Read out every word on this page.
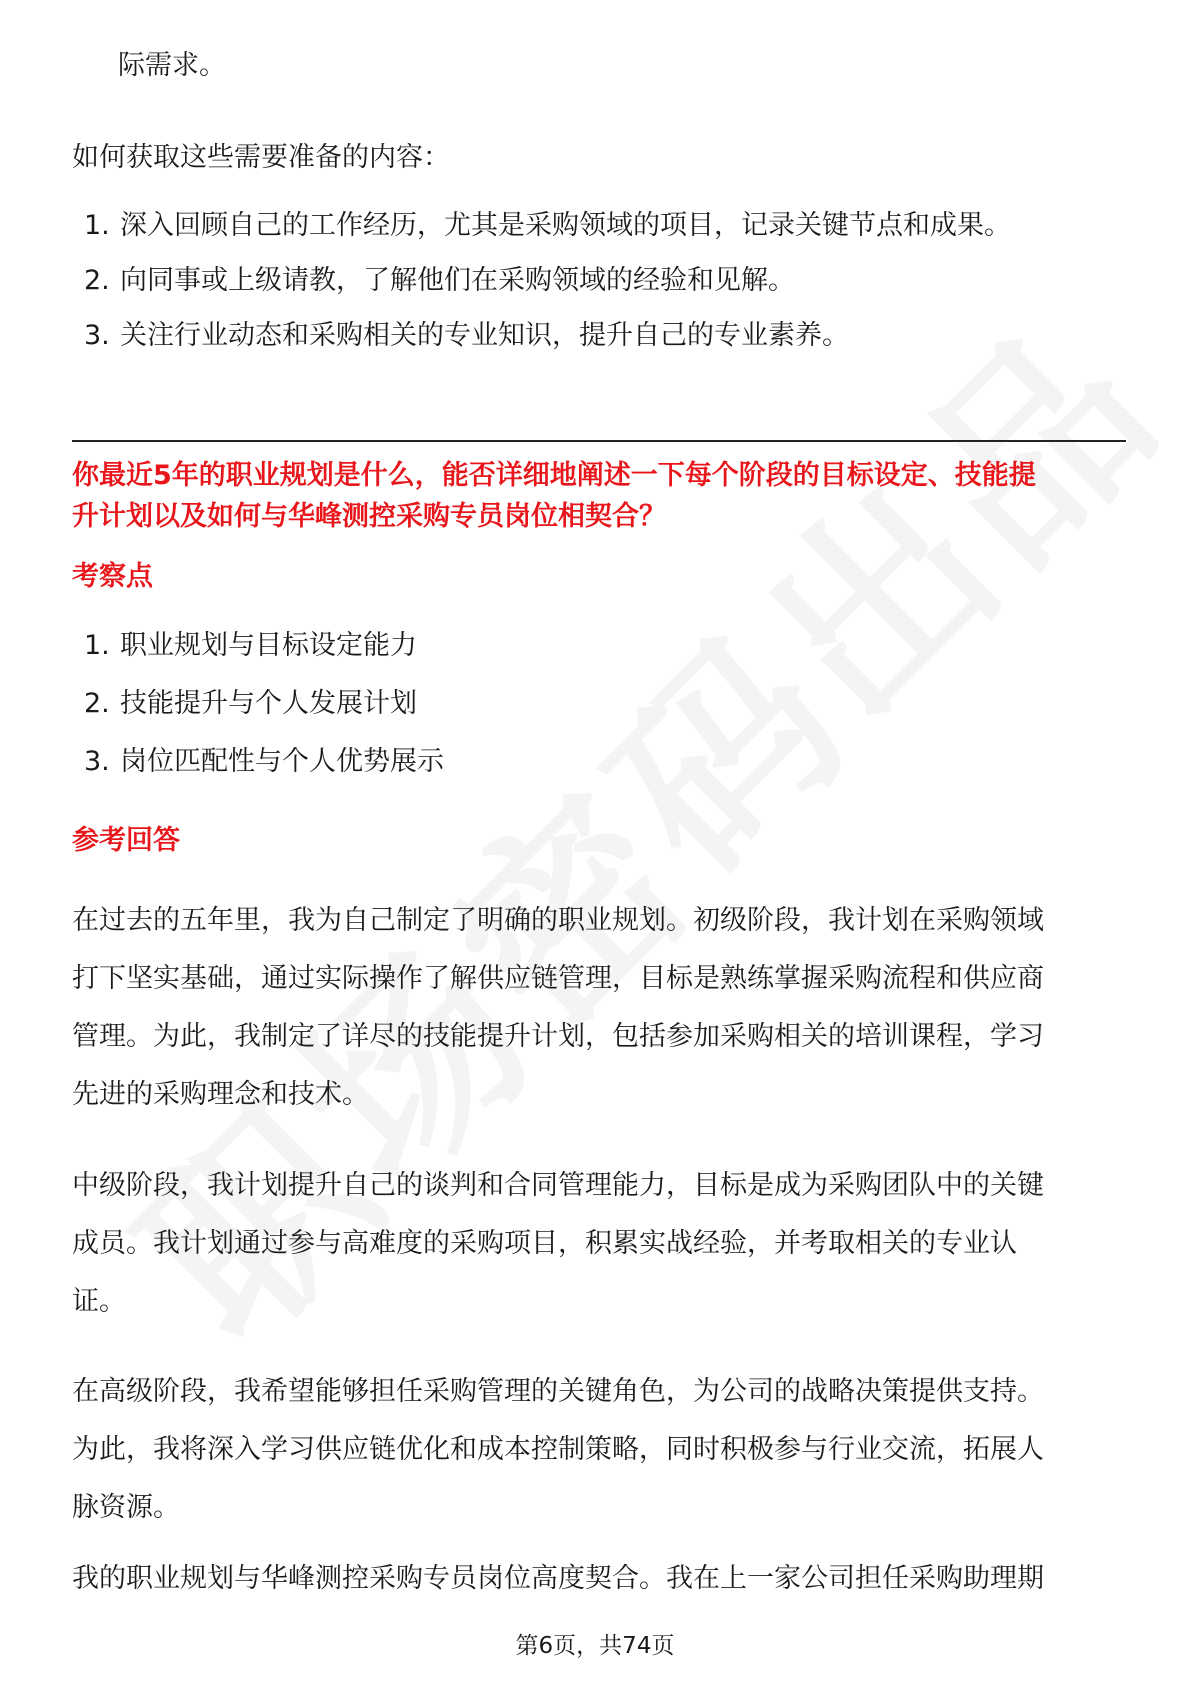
际需求。
如何获取这些需要准备的内容：
1. 深入回顾自己的工作经历，尤其是采购领域的项目，记录关键节点和成果。
2. 向同事或上级请教，了解他们在采购领域的经验和见解。
3. 关注行业动态和采购相关的专业知识，提升自己的专业素养。
你最近5年的职业规划是什么，能否详细地阐述一下每个阶段的目标设定、技能提
升计划以及如何与华峰测控采购专员岗位相契合？
考察点
1. 职业规划与目标设定能力
2. 技能提升与个人发展计划
3. 岗位匹配性与个人优势展示
参考回答
在过去的五年里，我为自己制定了明确的职业规划。初级阶段，我计划在采购领域
打下坚实基础，通过实际操作了解供应链管理，目标是熟练掌握采购流程和供应商
管理。为此，我制定了详尽的技能提升计划，包括参加采购相关的培训课程，学习
先进的采购理念和技术。
中级阶段，我计划提升自己的谈判和合同管理能力，目标是成为采购团队中的关键
成员。我计划通过参与高难度的采购项目，积累实战经验，并考取相关的专业认
证。
在高级阶段，我希望能够担任采购管理的关键角色，为公司的战略决策提供支持。
为此，我将深入学习供应链优化和成本控制策略，同时积极参与行业交流，拓展人
脉资源。
我的职业规划与华峰测控采购专员岗位高度契合。我在上一家公司担任采购助理期
第6页，共74页
